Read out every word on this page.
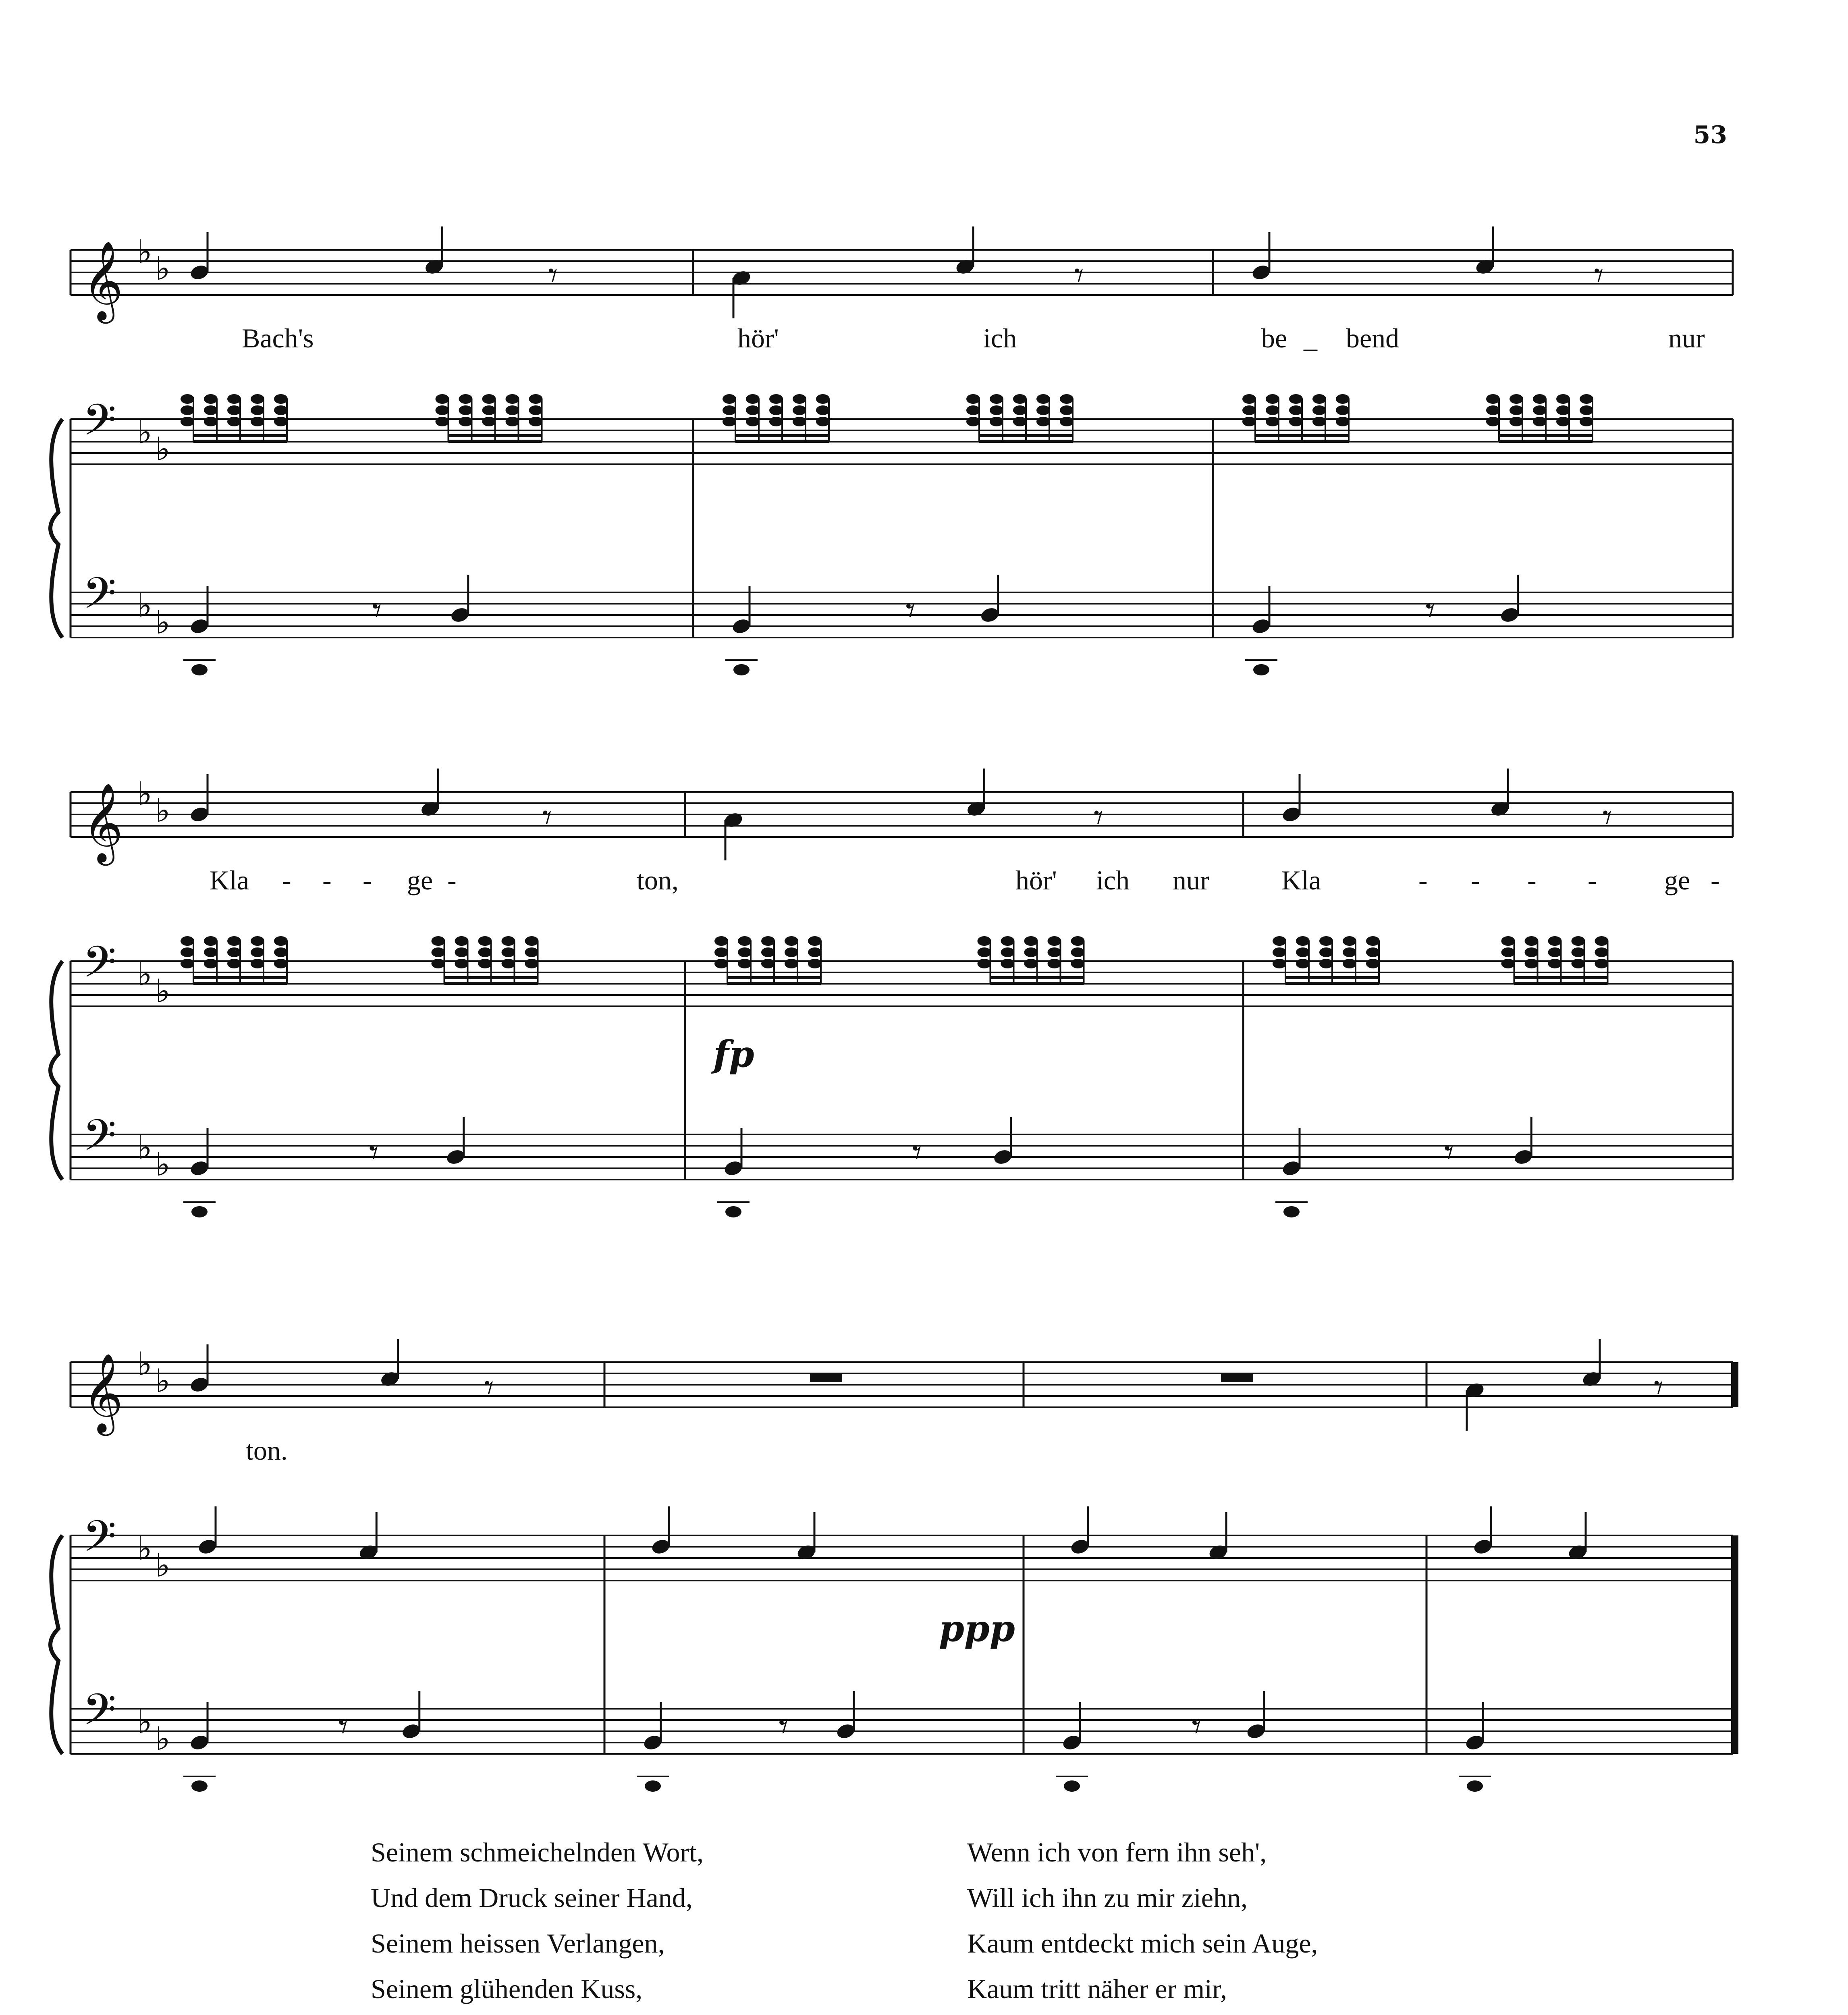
53
𝄞 ♭ ♭
𝄢 ♭ ♭
𝄢 ♭ ♭
𝄾
𝄾
𝄾
𝄾
𝄾
𝄾
Bach's	hör'	ich	be _ bend	nur
𝄞 ♭ ♭
𝄢 ♭ ♭
𝄢 ♭ ♭
𝄾
𝄾
𝄾
𝄾
𝄾
𝄾
Kla - - - ge -	ton,	hör' ich nur	Kla	- - - - ge -
fp
𝄞 ♭ ♭
𝄢 ♭ ♭
𝄢 ♭ ♭
𝄾
𝄾	𝄾	𝄾
𝄾
ton.
ppp
Seinem schmeichelnden Wort,
Und dem Druck seiner Hand,
Seinem heissen Verlangen,
Seinem glühenden Kuss,
Wenn ich von fern ihn seh',
Will ich ihn zu mir ziehn,
Kaum entdeckt mich sein Auge,
Kaum tritt näher er mir,
